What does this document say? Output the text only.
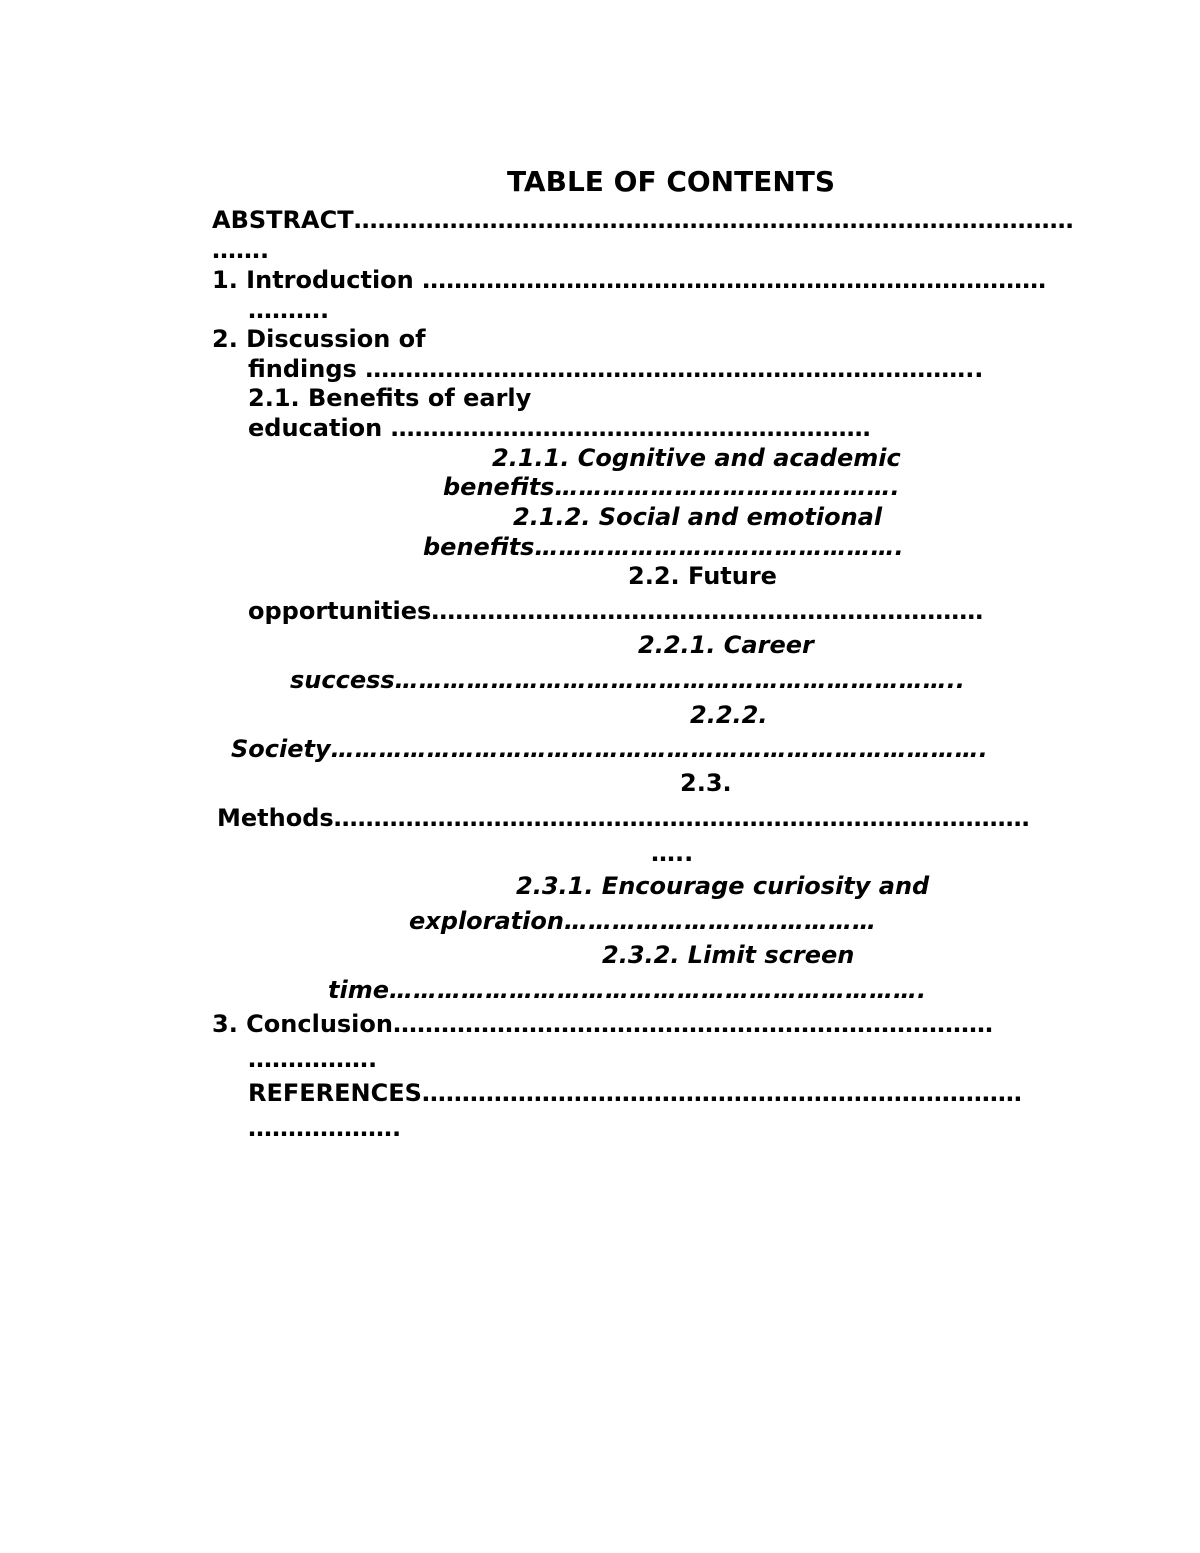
TABLE OF CONTENTS
ABSTRACT………………………………………………………………………………
…….
1. Introduction ……………………………………………………………………
……….
2. Discussion of
findings …………………………………………………………………..
2.1. Benefits of early
education ……………………………………………………
2.1.1. Cognitive and academic
benefits…………………………………….
2.1.2. Social and emotional
benefits……………………………………….
2.2. Future
opportunities……………………………………………………………
2.2.1. Career
success……………………………………………………………..
2.2.2.
Society……………………………………………………………………….
2.3.
Methods……………………………………………………………………………
…..
2.3.1. Encourage curiosity and
exploration…………………………………
2.3.2. Limit screen
time………………………………………………………….
3. Conclusion…………………………………………………………………
…………….
REFERENCES…………………………………………………………………
……………….
